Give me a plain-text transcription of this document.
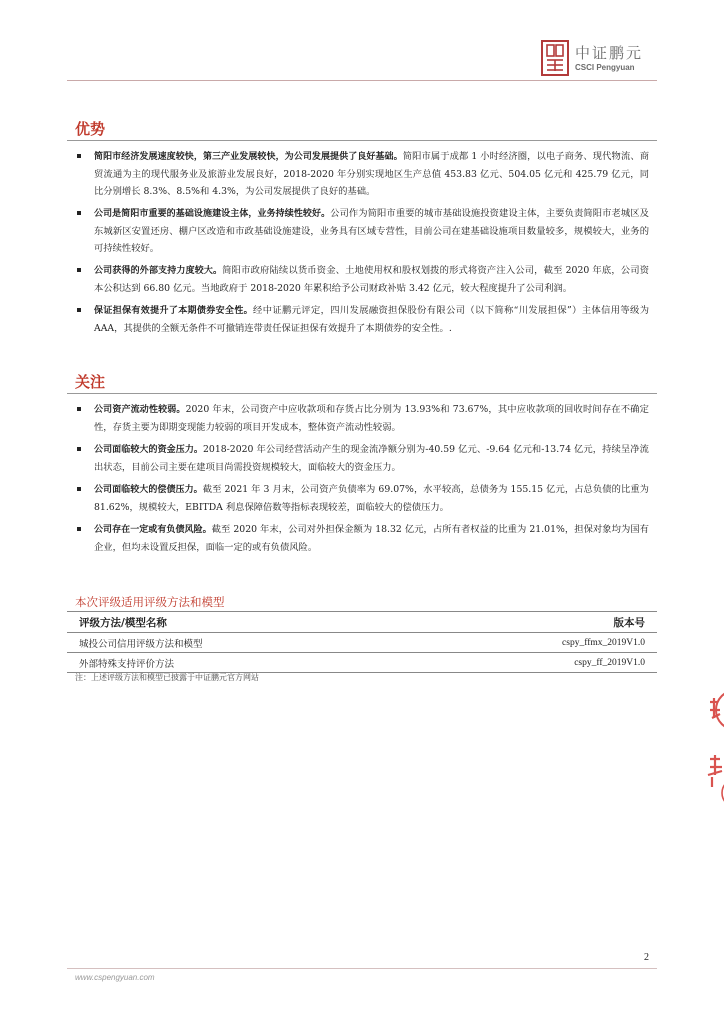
中证鹏元
CSCI Pengyuan
优势
简阳市经济发展速度较快，第三产业发展较快，为公司发展提供了良好基础。简阳市属于成都 1 小时经济圈，以电子商务、现代物流、商贸流通为主的现代服务业及旅游业发展良好，2018-2020 年分别实现地区生产总值 453.83 亿元、504.05 亿元和 425.79 亿元，同比分别增长 8.3%、8.5%和 4.3%，为公司发展提供了良好的基础。
公司是简阳市重要的基础设施建设主体，业务持续性较好。公司作为简阳市重要的城市基础设施投资建设主体，主要负责简阳市老城区及东城新区安置还房、棚户区改造和市政基础设施建设，业务具有区域专营性，目前公司在建基础设施项目数量较多，规模较大，业务的可持续性较好。
公司获得的外部支持力度较大。简阳市政府陆续以货币资金、土地使用权和股权划拨的形式将资产注入公司，截至 2020 年底，公司资本公积达到 66.80 亿元。当地政府于 2018-2020 年累积给予公司财政补贴 3.42 亿元，较大程度提升了公司利润。
保证担保有效提升了本期债券安全性。经中证鹏元评定，四川发展融资担保股份有限公司（以下简称“川发展担保”）主体信用等级为 AAA，其提供的全额无条件不可撤销连带责任保证担保有效提升了本期债券的安全性。.
关注
公司资产流动性较弱。2020 年末，公司资产中应收款项和存货占比分别为 13.93%和 73.67%，其中应收款项的回收时间存在不确定性，存货主要为即期变现能力较弱的项目开发成本，整体资产流动性较弱。
公司面临较大的资金压力。2018-2020 年公司经营活动产生的现金流净额分别为-40.59 亿元、-9.64 亿元和-13.74 亿元，持续呈净流出状态，目前公司主要在建项目尚需投资规模较大，面临较大的资金压力。
公司面临较大的偿债压力。截至 2021 年 3 月末，公司资产负债率为 69.07%，水平较高，总债务为 155.15 亿元，占总负债的比重为 81.62%，规模较大，EBITDA 利息保障倍数等指标表现较差，面临较大的偿债压力。
公司存在一定或有负债风险。截至 2020 年末，公司对外担保金额为 18.32 亿元，占所有者权益的比重为 21.01%，担保对象均为国有企业，但均未设置反担保，面临一定的或有负债风险。
本次评级适用评级方法和模型
评级方法/模型名称	版本号
城投公司信用评级方法和模型	cspy_ffmx_2019V1.0
外部特殊支持评价方法	cspy_ff_2019V1.0
注：上述评级方法和模型已披露于中证鹏元官方网站
2
www.cspengyuan.com
